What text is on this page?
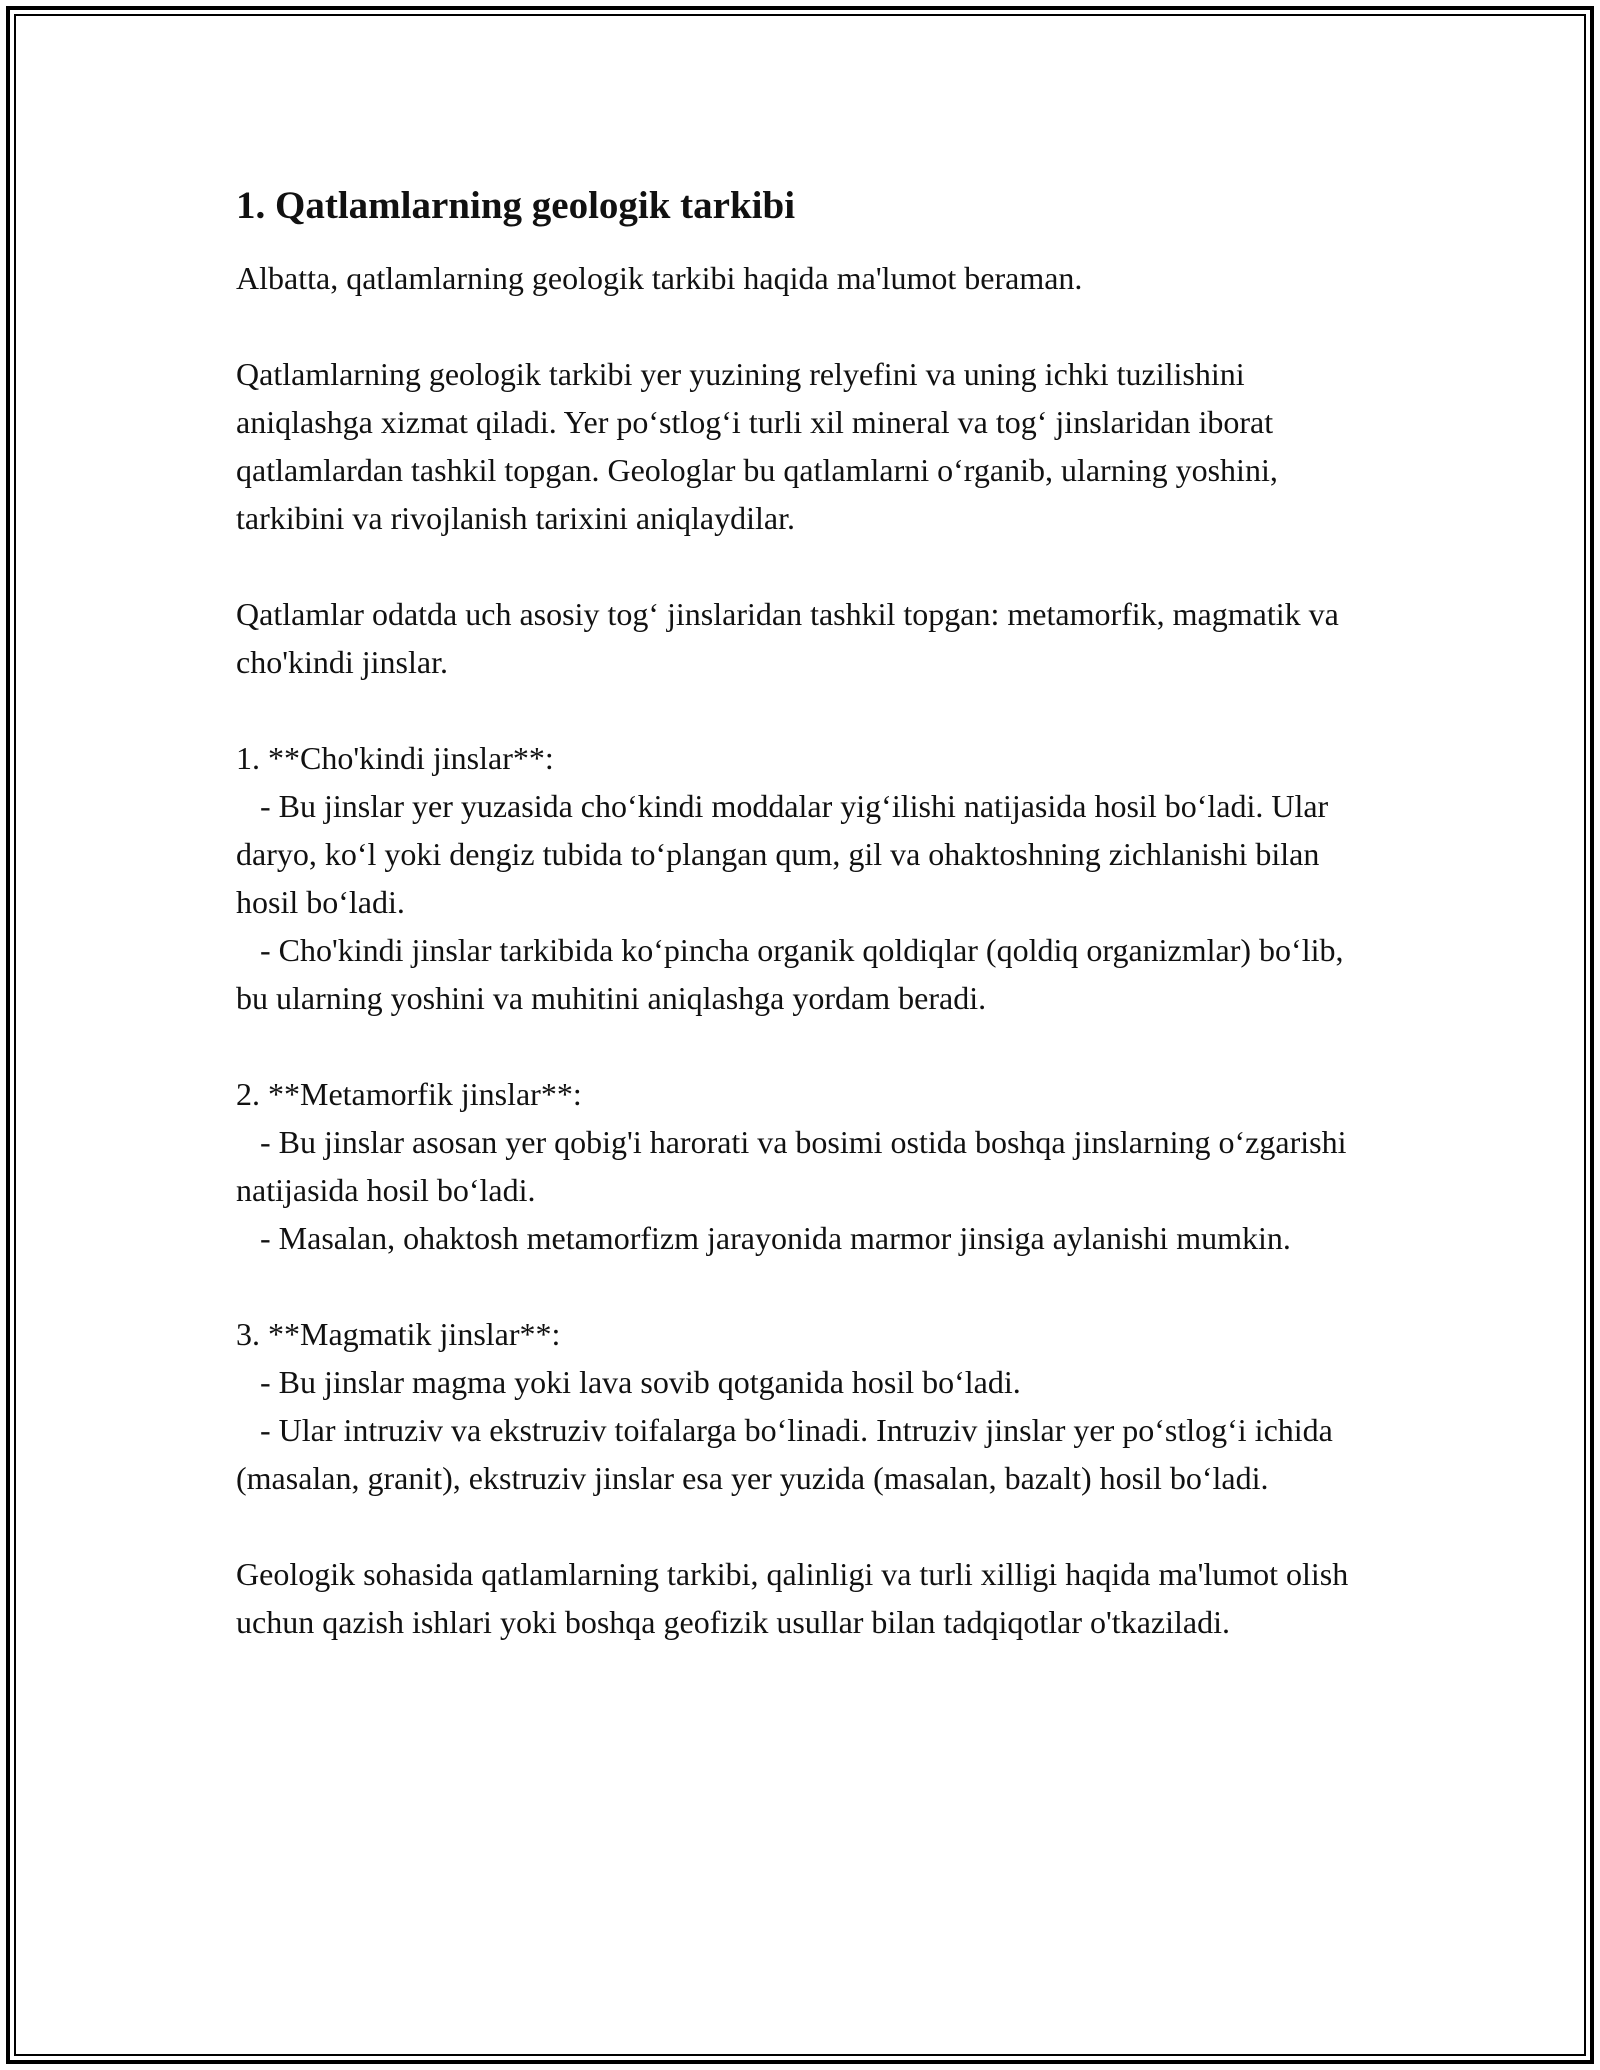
1. Qatlamlarning geologik tarkibi

Albatta, qatlamlarning geologik tarkibi haqida ma'lumot beraman.

Qatlamlarning geologik tarkibi yer yuzining relyefini va uning ichki tuzilishini aniqlashga xizmat qiladi. Yer po‘stlog‘i turli xil mineral va tog‘ jinslaridan iborat qatlamlardan tashkil topgan. Geologlar bu qatlamlarni o‘rganib, ularning yoshini, tarkibini va rivojlanish tarixini aniqlaydilar.

Qatlamlar odatda uch asosiy tog‘ jinslaridan tashkil topgan: metamorfik, magmatik va cho'kindi jinslar.

1. **Cho'kindi jinslar**:

- Bu jinslar yer yuzasida cho‘kindi moddalar yig‘ilishi natijasida hosil bo‘ladi. Ular daryo, ko‘l yoki dengiz tubida to‘plangan qum, gil va ohaktoshning zichlanishi bilan hosil bo‘ladi.

- Cho'kindi jinslar tarkibida ko‘pincha organik qoldiqlar (qoldiq organizmlar) bo‘lib, bu ularning yoshini va muhitini aniqlashga yordam beradi.

2. **Metamorfik jinslar**:

- Bu jinslar asosan yer qobig'i harorati va bosimi ostida boshqa jinslarning o‘zgarishi natijasida hosil bo‘ladi.

- Masalan, ohaktosh metamorfizm jarayonida marmor jinsiga aylanishi mumkin.

3. **Magmatik jinslar**:

- Bu jinslar magma yoki lava sovib qotganida hosil bo‘ladi.

- Ular intruziv va ekstruziv toifalarga bo‘linadi. Intruziv jinslar yer po‘stlog‘i ichida (masalan, granit), ekstruziv jinslar esa yer yuzida (masalan, bazalt) hosil bo‘ladi.

Geologik sohasida qatlamlarning tarkibi, qalinligi va turli xilligi haqida ma'lumot olish uchun qazish ishlari yoki boshqa geofizik usullar bilan tadqiqotlar o'tkaziladi.
